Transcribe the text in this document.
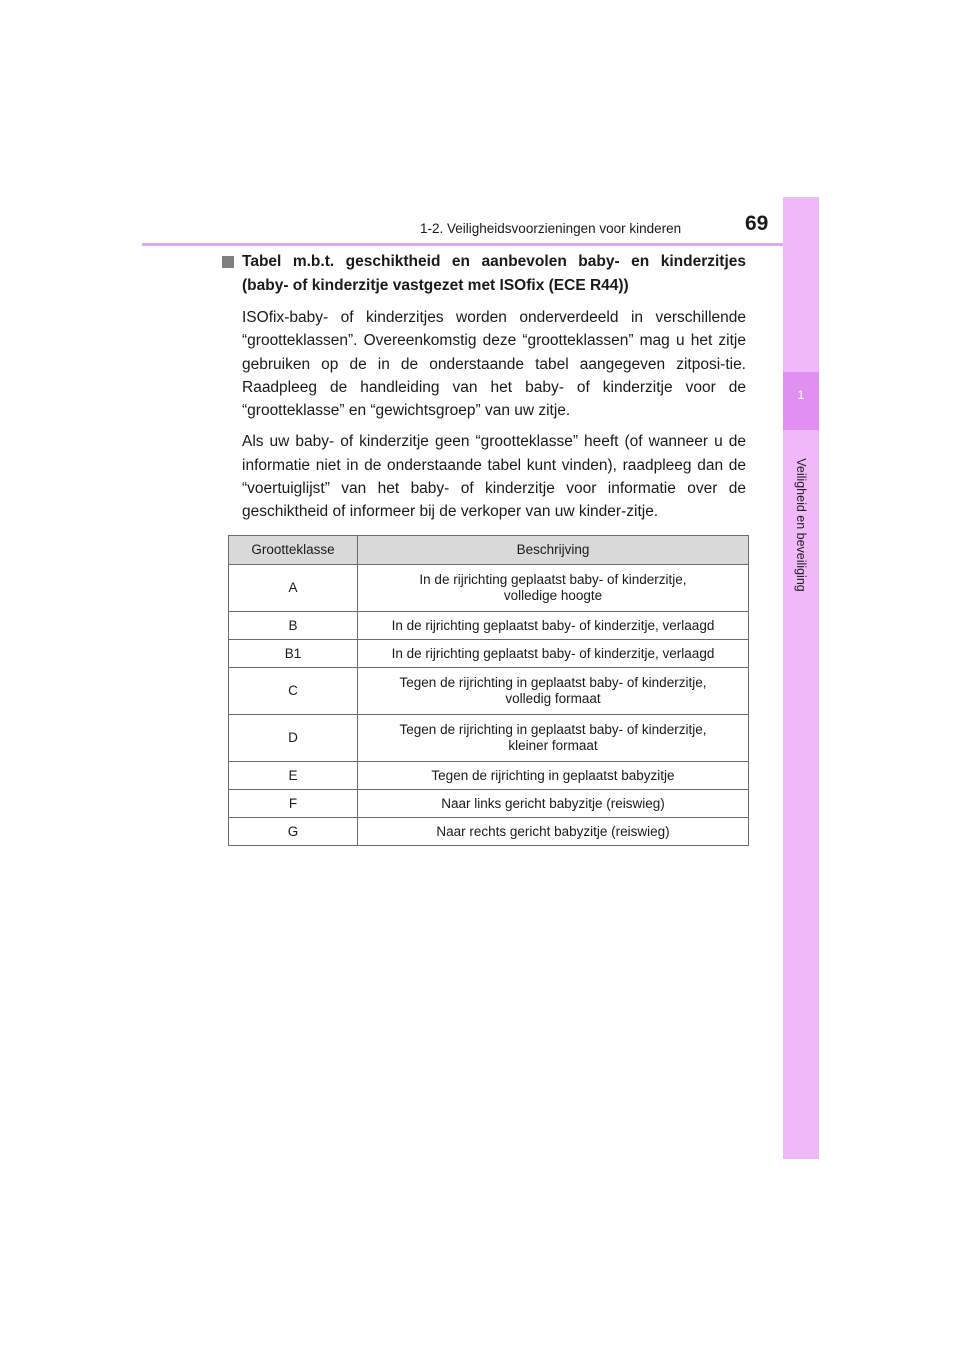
1-2. Veiligheidsvoorzieningen voor kinderen	69
1
Veiligheid en beveiliging
Tabel m.b.t. geschiktheid en aanbevolen baby- en kinderzitjes (baby- of kinderzitje vastgezet met ISOfix (ECE R44))

ISOfix-baby- of kinderzitjes worden onderverdeeld in verschillende “grootteklassen”. Overeenkomstig deze “grootteklassen” mag u het zitje gebruiken op de in de onderstaande tabel aangegeven zitposi-tie. Raadpleeg de handleiding van het baby- of kinderzitje voor de “grootteklasse” en “gewichtsgroep” van uw zitje.

Als uw baby- of kinderzitje geen “grootteklasse” heeft (of wanneer u de informatie niet in de onderstaande tabel kunt vinden), raadpleeg dan de “voertuiglijst” van het baby- of kinderzitje voor informatie over de geschiktheid of informeer bij de verkoper van uw kinder-zitje.

Grootteklasse	Beschrijving
A	In de rijrichting geplaatst baby- of kinderzitje,
volledige hoogte
B	In de rijrichting geplaatst baby- of kinderzitje, verlaagd
B1	In de rijrichting geplaatst baby- of kinderzitje, verlaagd
C	Tegen de rijrichting in geplaatst baby- of kinderzitje,
volledig formaat
D	Tegen de rijrichting in geplaatst baby- of kinderzitje,
kleiner formaat
E	Tegen de rijrichting in geplaatst babyzitje
F	Naar links gericht babyzitje (reiswieg)
G	Naar rechts gericht babyzitje (reiswieg)
